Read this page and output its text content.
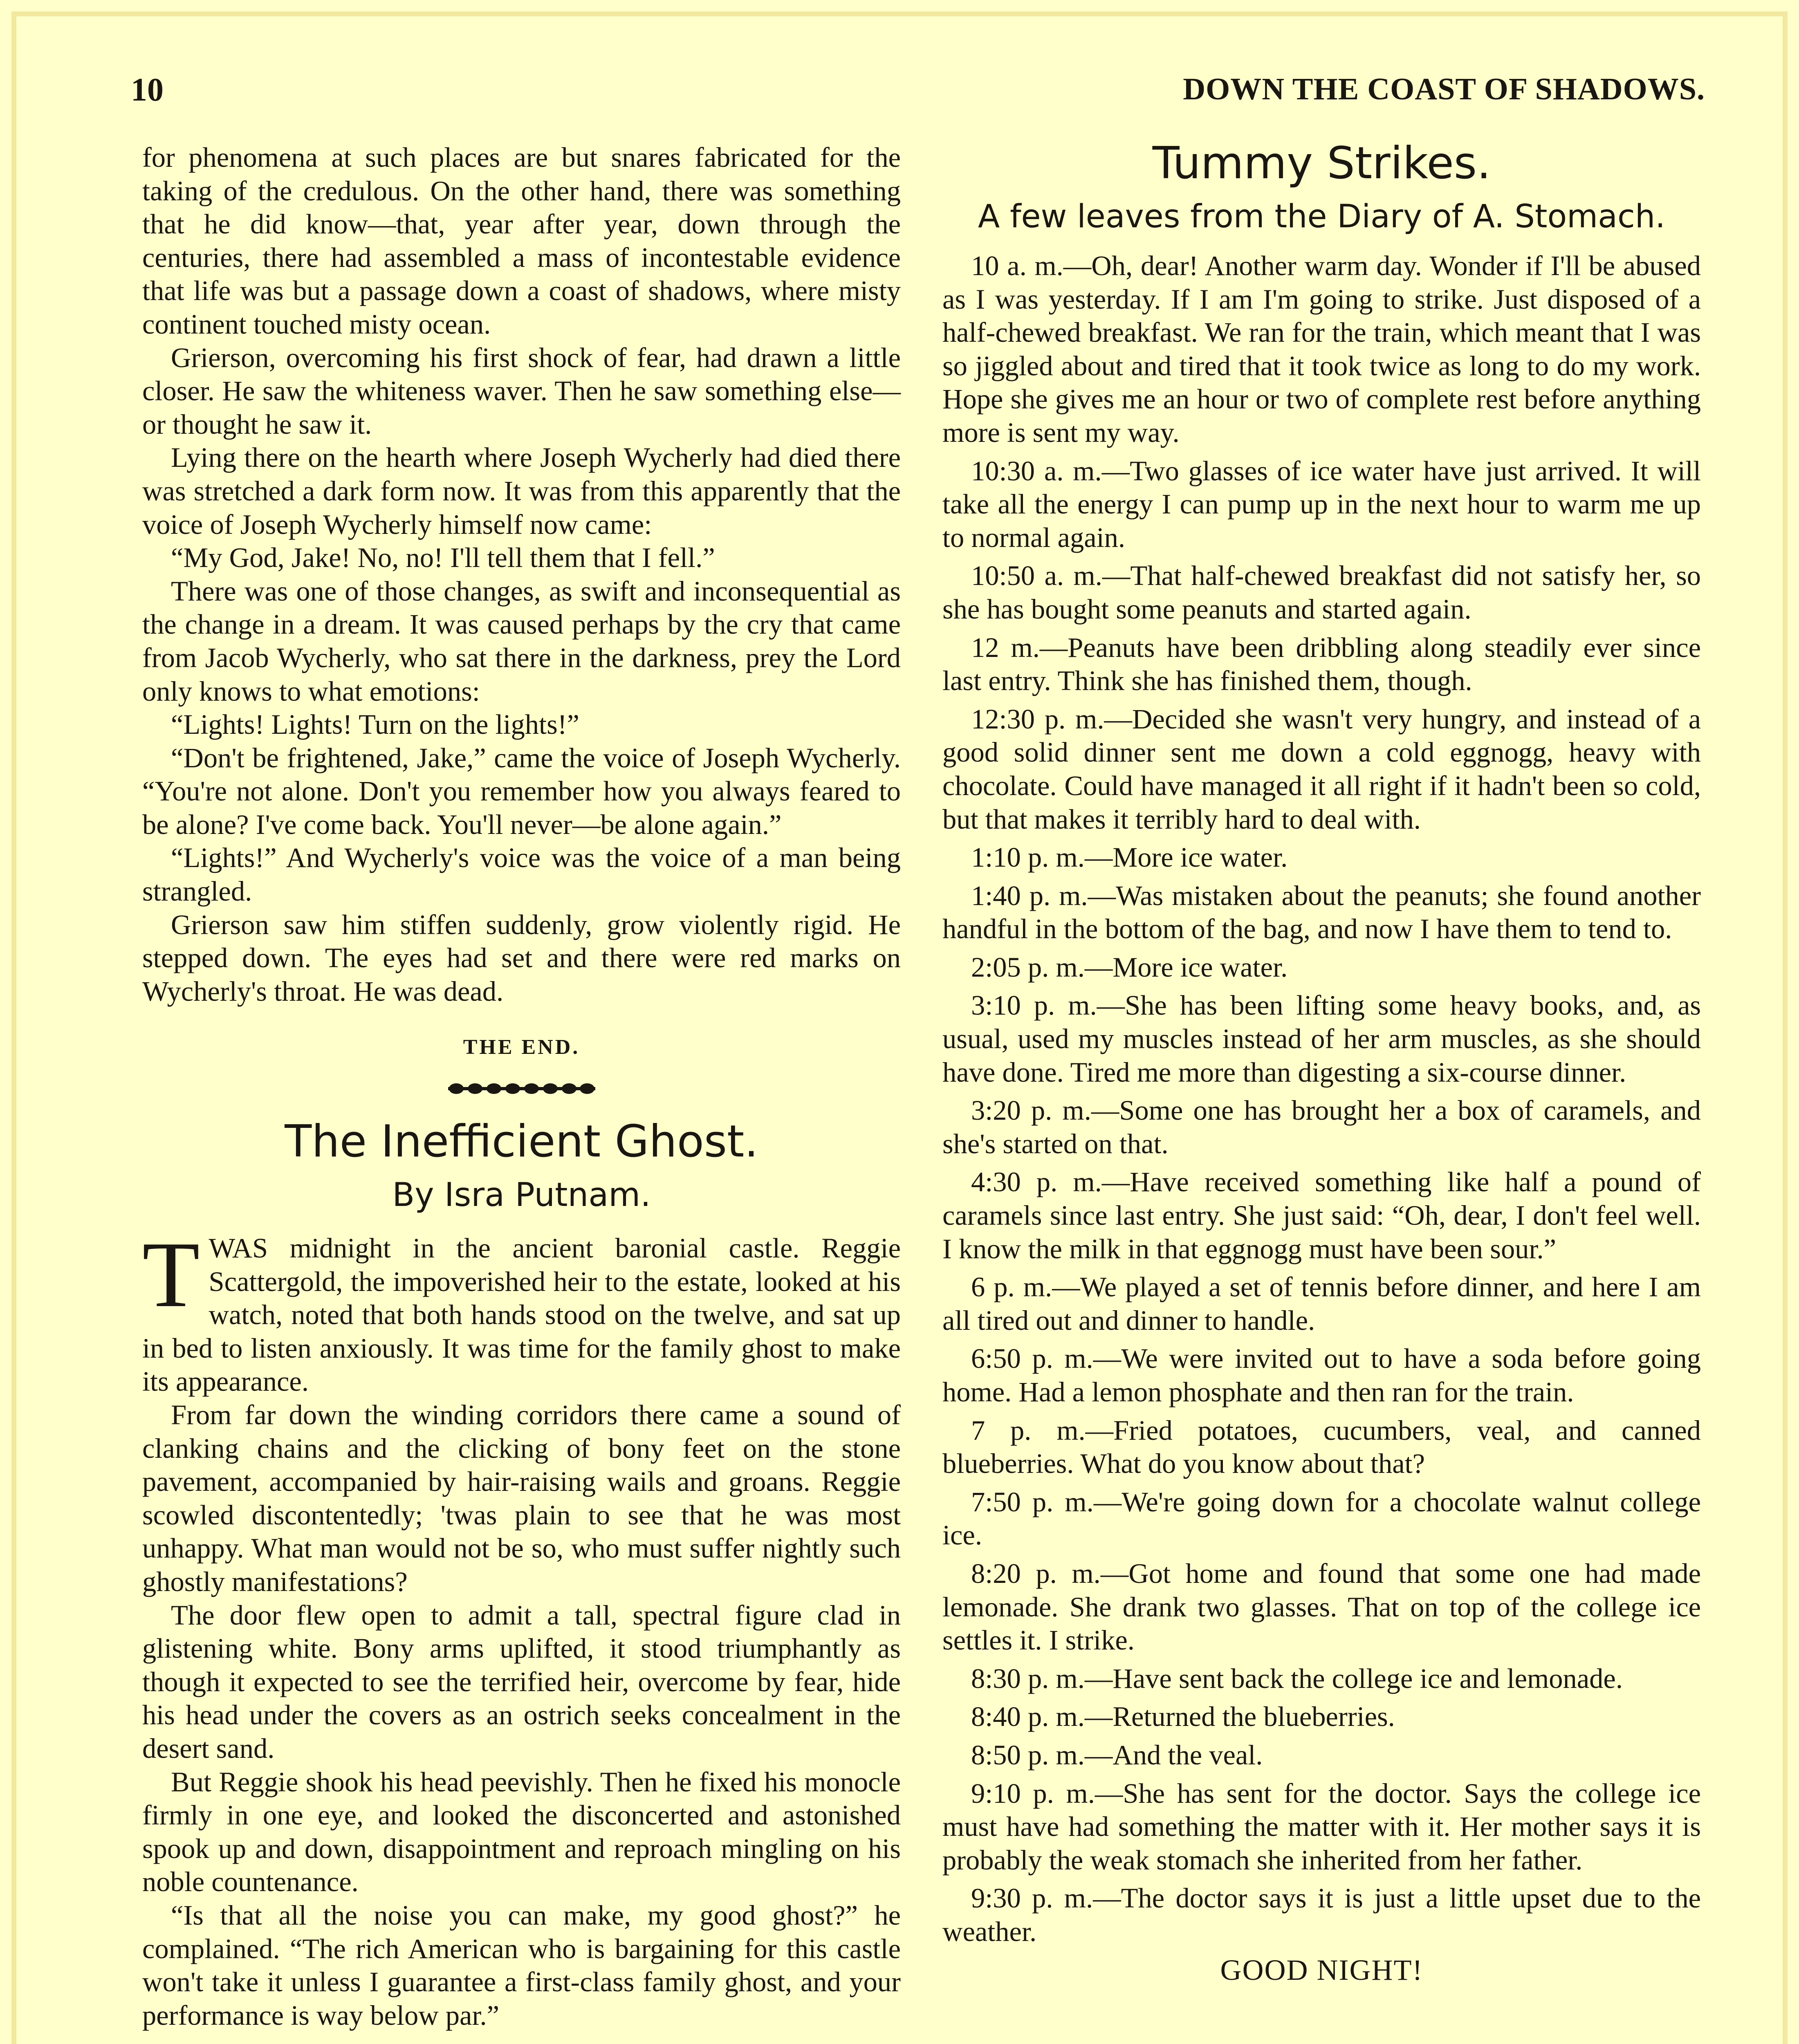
10	DOWN THE COAST OF SHADOWS.

for phenomena at such places are but snares fabricated for the taking of the credulous. On the other hand, there was something that he did know—that, year after year, down through the centuries, there had assembled a mass of incontestable evidence that life was but a passage down a coast of shadows, where misty continent touched misty ocean.

Grierson, overcoming his first shock of fear, had drawn a little closer. He saw the whiteness waver. Then he saw something else—or thought he saw it.

Lying there on the hearth where Joseph Wycherly had died there was stretched a dark form now. It was from this apparently that the voice of Joseph Wycherly himself now came:

“My God, Jake! No, no! I'll tell them that I fell.”

There was one of those changes, as swift and inconsequential as the change in a dream. It was caused perhaps by the cry that came from Jacob Wycherly, who sat there in the darkness, prey the Lord only knows to what emotions:

“Lights! Lights! Turn on the lights!”

“Don't be frightened, Jake,” came the voice of Joseph Wycherly. “You're not alone. Don't you remember how you always feared to be alone? I've come back. You'll never—be alone again.”

“Lights!” And Wycherly's voice was the voice of a man being strangled.

Grierson saw him stiffen suddenly, grow violently rigid. He stepped down. The eyes had set and there were red marks on Wycherly's throat. He was dead.

THE END.
The Inefficient Ghost.
By Isra Putnam.

TWAS midnight in the ancient baronial castle. Reggie Scattergold, the impoverished heir to the estate, looked at his watch, noted that both hands stood on the twelve, and sat up in bed to listen anxiously. It was time for the family ghost to make its appearance.

From far down the winding corridors there came a sound of clanking chains and the clicking of bony feet on the stone pavement, accompanied by hair-raising wails and groans. Reggie scowled discontentedly; 'twas plain to see that he was most unhappy. What man would not be so, who must suffer nightly such ghostly manifestations?

The door flew open to admit a tall, spectral figure clad in glistening white. Bony arms uplifted, it stood triumphantly as though it expected to see the terrified heir, overcome by fear, hide his head under the covers as an ostrich seeks concealment in the desert sand.

But Reggie shook his head peevishly. Then he fixed his monocle firmly in one eye, and looked the disconcerted and astonished spook up and down, disappointment and reproach mingling on his noble countenance.

“Is that all the noise you can make, my good ghost?” he complained. “The rich American who is bargaining for this castle won't take it unless I guarantee a first-class family ghost, and your performance is way below par.”

Tummy Strikes.
A few leaves from the Diary of A. Stomach.

10 a. m.—Oh, dear! Another warm day. Wonder if I'll be abused as I was yesterday. If I am I'm going to strike. Just disposed of a half-chewed breakfast. We ran for the train, which meant that I was so jiggled about and tired that it took twice as long to do my work. Hope she gives me an hour or two of complete rest before anything more is sent my way.

10:30 a. m.—Two glasses of ice water have just arrived. It will take all the energy I can pump up in the next hour to warm me up to normal again.

10:50 a. m.—That half-chewed breakfast did not satisfy her, so she has bought some peanuts and started again.

12 m.—Peanuts have been dribbling along steadily ever since last entry. Think she has finished them, though.

12:30 p. m.—Decided she wasn't very hungry, and instead of a good solid dinner sent me down a cold eggnogg, heavy with chocolate. Could have managed it all right if it hadn't been so cold, but that makes it terribly hard to deal with.

1:10 p. m.—More ice water.

1:40 p. m.—Was mistaken about the peanuts; she found another handful in the bottom of the bag, and now I have them to tend to.

2:05 p. m.—More ice water.

3:10 p. m.—She has been lifting some heavy books, and, as usual, used my muscles instead of her arm muscles, as she should have done. Tired me more than digesting a six-course dinner.

3:20 p. m.—Some one has brought her a box of caramels, and she's started on that.

4:30 p. m.—Have received something like half a pound of caramels since last entry. She just said: “Oh, dear, I don't feel well. I know the milk in that eggnogg must have been sour.”

6 p. m.—We played a set of tennis before dinner, and here I am all tired out and dinner to handle.

6:50 p. m.—We were invited out to have a soda before going home. Had a lemon phosphate and then ran for the train.

7 p. m.—Fried potatoes, cucumbers, veal, and canned blueberries. What do you know about that?

7:50 p. m.—We're going down for a chocolate walnut college ice.

8:20 p. m.—Got home and found that some one had made lemonade. She drank two glasses. That on top of the college ice settles it. I strike.

8:30 p. m.—Have sent back the college ice and lemonade.

8:40 p. m.—Returned the blueberries.

8:50 p. m.—And the veal.

9:10 p. m.—She has sent for the doctor. Says the college ice must have had something the matter with it. Her mother says it is probably the weak stomach she inherited from her father.

9:30 p. m.—The doctor says it is just a little upset due to the weather.

GOOD NIGHT!
